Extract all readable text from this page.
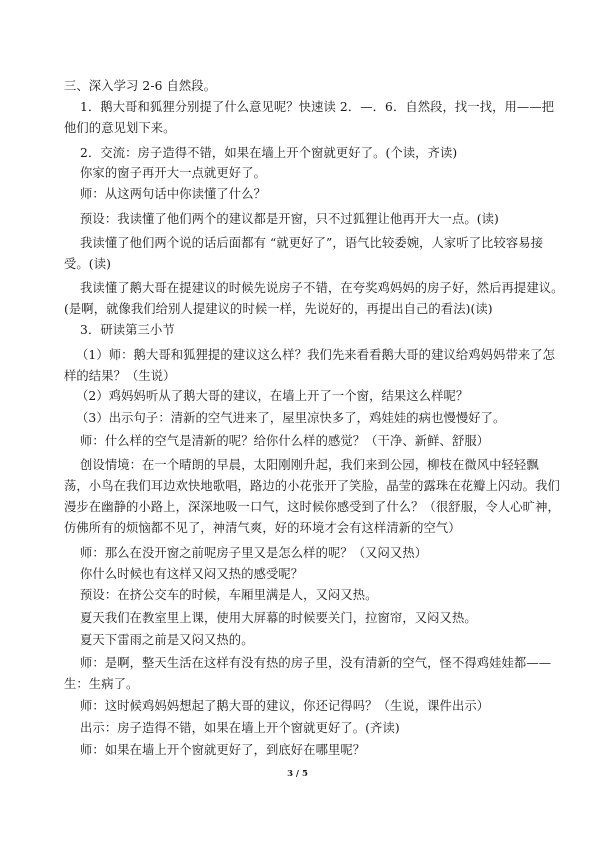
三、深入学习 2-6 自然段。
1．鹅大哥和狐狸分别提了什么意见呢？快速读 2．—．6．自然段，找一找，用——把
他们的意见划下来。
2．交流：房子造得不错，如果在墙上开个窗就更好了。(个读，齐读)
你家的窗子再开大一点就更好了。
师：从这两句话中你读懂了什么？
预设：我读懂了他们两个的建议都是开窗，只不过狐狸让他再开大一点。(读)
我读懂了他们两个说的话后面都有 “就更好了”，语气比较委婉，人家听了比较容易接
受。(读)
我读懂了鹅大哥在提建议的时候先说房子不错，在夸奖鸡妈妈的房子好，然后再提建议。
(是啊，就像我们给别人提建议的时候一样，先说好的，再提出自己的看法)(读)
3．研读第三小节
（1）师：鹅大哥和狐狸提的建议这么样？我们先来看看鹅大哥的建议给鸡妈妈带来了怎
样的结果？（生说）
（2）鸡妈妈听从了鹅大哥的建议，在墙上开了一个窗，结果这么样呢？
（3）出示句子：清新的空气进来了，屋里凉快多了，鸡娃娃的病也慢慢好了。
师：什么样的空气是清新的呢？给你什么样的感觉？（干净、新鲜、舒服）
创设情境：在一个晴朗的早晨，太阳刚刚升起，我们来到公园，柳枝在微风中轻轻飘
荡，小鸟在我们耳边欢快地歌唱，路边的小花张开了笑脸，晶莹的露珠在花瓣上闪动。我们
漫步在幽静的小路上，深深地吸一口气，这时候你感受到了什么？（很舒服，令人心旷神，
仿佛所有的烦恼都不见了，神清气爽，好的环境才会有这样清新的空气）
师：那么在没开窗之前呢房子里又是怎么样的呢？（又闷又热）
你什么时候也有这样又闷又热的感受呢？
预设：在挤公交车的时候，车厢里满是人，又闷又热。
夏天我们在教室里上课，使用大屏幕的时候要关门，拉窗帘，又闷又热。
夏天下雷雨之前是又闷又热的。
师：是啊，整天生活在这样有没有热的房子里，没有清新的空气，怪不得鸡娃娃都——
生：生病了。
师：这时候鸡妈妈想起了鹅大哥的建议，你还记得吗？（生说，课件出示）
出示：房子造得不错，如果在墙上开个窗就更好了。(齐读)
师：如果在墙上开个窗就更好了，到底好在哪里呢？
3 / 5
